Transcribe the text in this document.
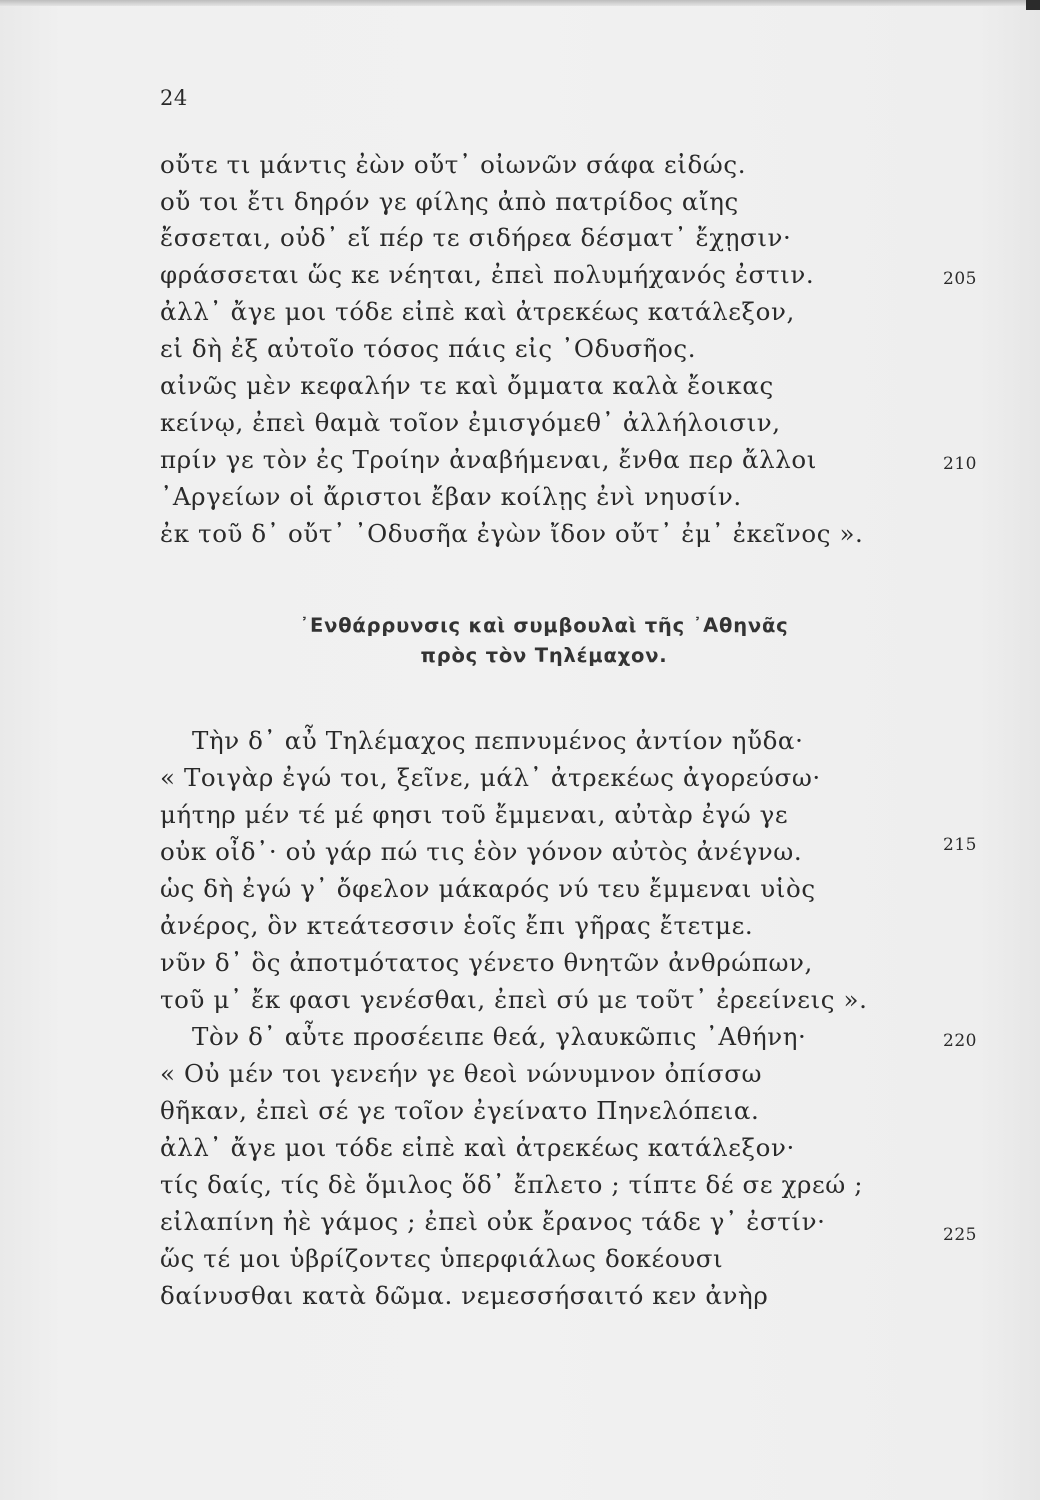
24
οὔτε τι μάντις ἐὼν οὔτ᾽ οἰωνῶν σάφα εἰδώς.
οὔ τοι ἔτι δηρόν γε φίλης ἀπὸ πατρίδος αἴης
ἔσσεται, οὐδ᾽ εἴ πέρ τε σιδήρεα δέσματ᾽ ἔχῃσιν·
φράσσεται ὥς κε νέηται, ἐπεὶ πολυμήχανός ἐστιν.
ἀλλ᾽ ἄγε μοι τόδε εἰπὲ καὶ ἀτρεκέως κατάλεξον,
εἰ δὴ ἐξ αὐτοῖο τόσος πάις εἰς ᾽Οδυσῆος.
αἰνῶς μὲν κεφαλήν τε καὶ ὄμματα καλὰ ἔοικας
κείνῳ, ἐπεὶ θαμὰ τοῖον ἐμισγόμεθ᾽ ἀλλήλοισιν,
πρίν γε τὸν ἐς Τροίην ἀναβήμεναι, ἔνθα περ ἄλλοι
᾽Αργείων οἱ ἄριστοι ἔβαν κοίλῃς ἐνὶ νηυσίν.
ἐκ τοῦ δ᾽ οὔτ᾽ ᾽Οδυσῆα ἐγὼν ἴδον οὔτ᾽ ἐμ᾽ ἐκεῖνος ».
205
210
᾽Ενθάρρυνσις καὶ συμβουλαὶ τῆς ᾽Αθηνᾶς
πρὸς τὸν Τηλέμαχον.
Τὴν δ᾽ αὖ Τηλέμαχος πεπνυμένος ἀντίον ηὔδα·
« Τοιγὰρ ἐγώ τοι, ξεῖνε, μάλ᾽ ἀτρεκέως ἀγορεύσω·
μήτηρ μέν τέ μέ φησι τοῦ ἔμμεναι, αὐτὰρ ἐγώ γε
οὐκ οἶδ᾽· οὐ γάρ πώ τις ἑὸν γόνον αὐτὸς ἀνέγνω.
ὡς δὴ ἐγώ γ᾽ ὄφελον μάκαρός νύ τευ ἔμμεναι υἱὸς
ἀνέρος, ὃν κτεάτεσσιν ἑοῖς ἔπι γῆρας ἔτετμε.
νῦν δ᾽ ὃς ἀποτμότατος γένετο θνητῶν ἀνθρώπων,
τοῦ μ᾽ ἔκ φασι γενέσθαι, ἐπεὶ σύ με τοῦτ᾽ ἐρεείνεις ».
Τὸν δ᾽ αὖτε προσέειπε θεά, γλαυκῶπις ᾽Αθήνη·
« Οὐ μέν τοι γενεήν γε θεοὶ νώνυμνον ὀπίσσω
θῆκαν, ἐπεὶ σέ γε τοῖον ἐγείνατο Πηνελόπεια.
ἀλλ᾽ ἄγε μοι τόδε εἰπὲ καὶ ἀτρεκέως κατάλεξον·
τίς δαίς, τίς δὲ ὅμιλος ὅδ᾽ ἔπλετο ; τίπτε δέ σε χρεώ ;
εἰλαπίνη ἠὲ γάμος ; ἐπεὶ οὐκ ἔρανος τάδε γ᾽ ἐστίν·
ὥς τέ μοι ὑβρίζοντες ὑπερφιάλως δοκέουσι
δαίνυσθαι κατὰ δῶμα. νεμεσσήσαιτό κεν ἀνὴρ
215
220
225
